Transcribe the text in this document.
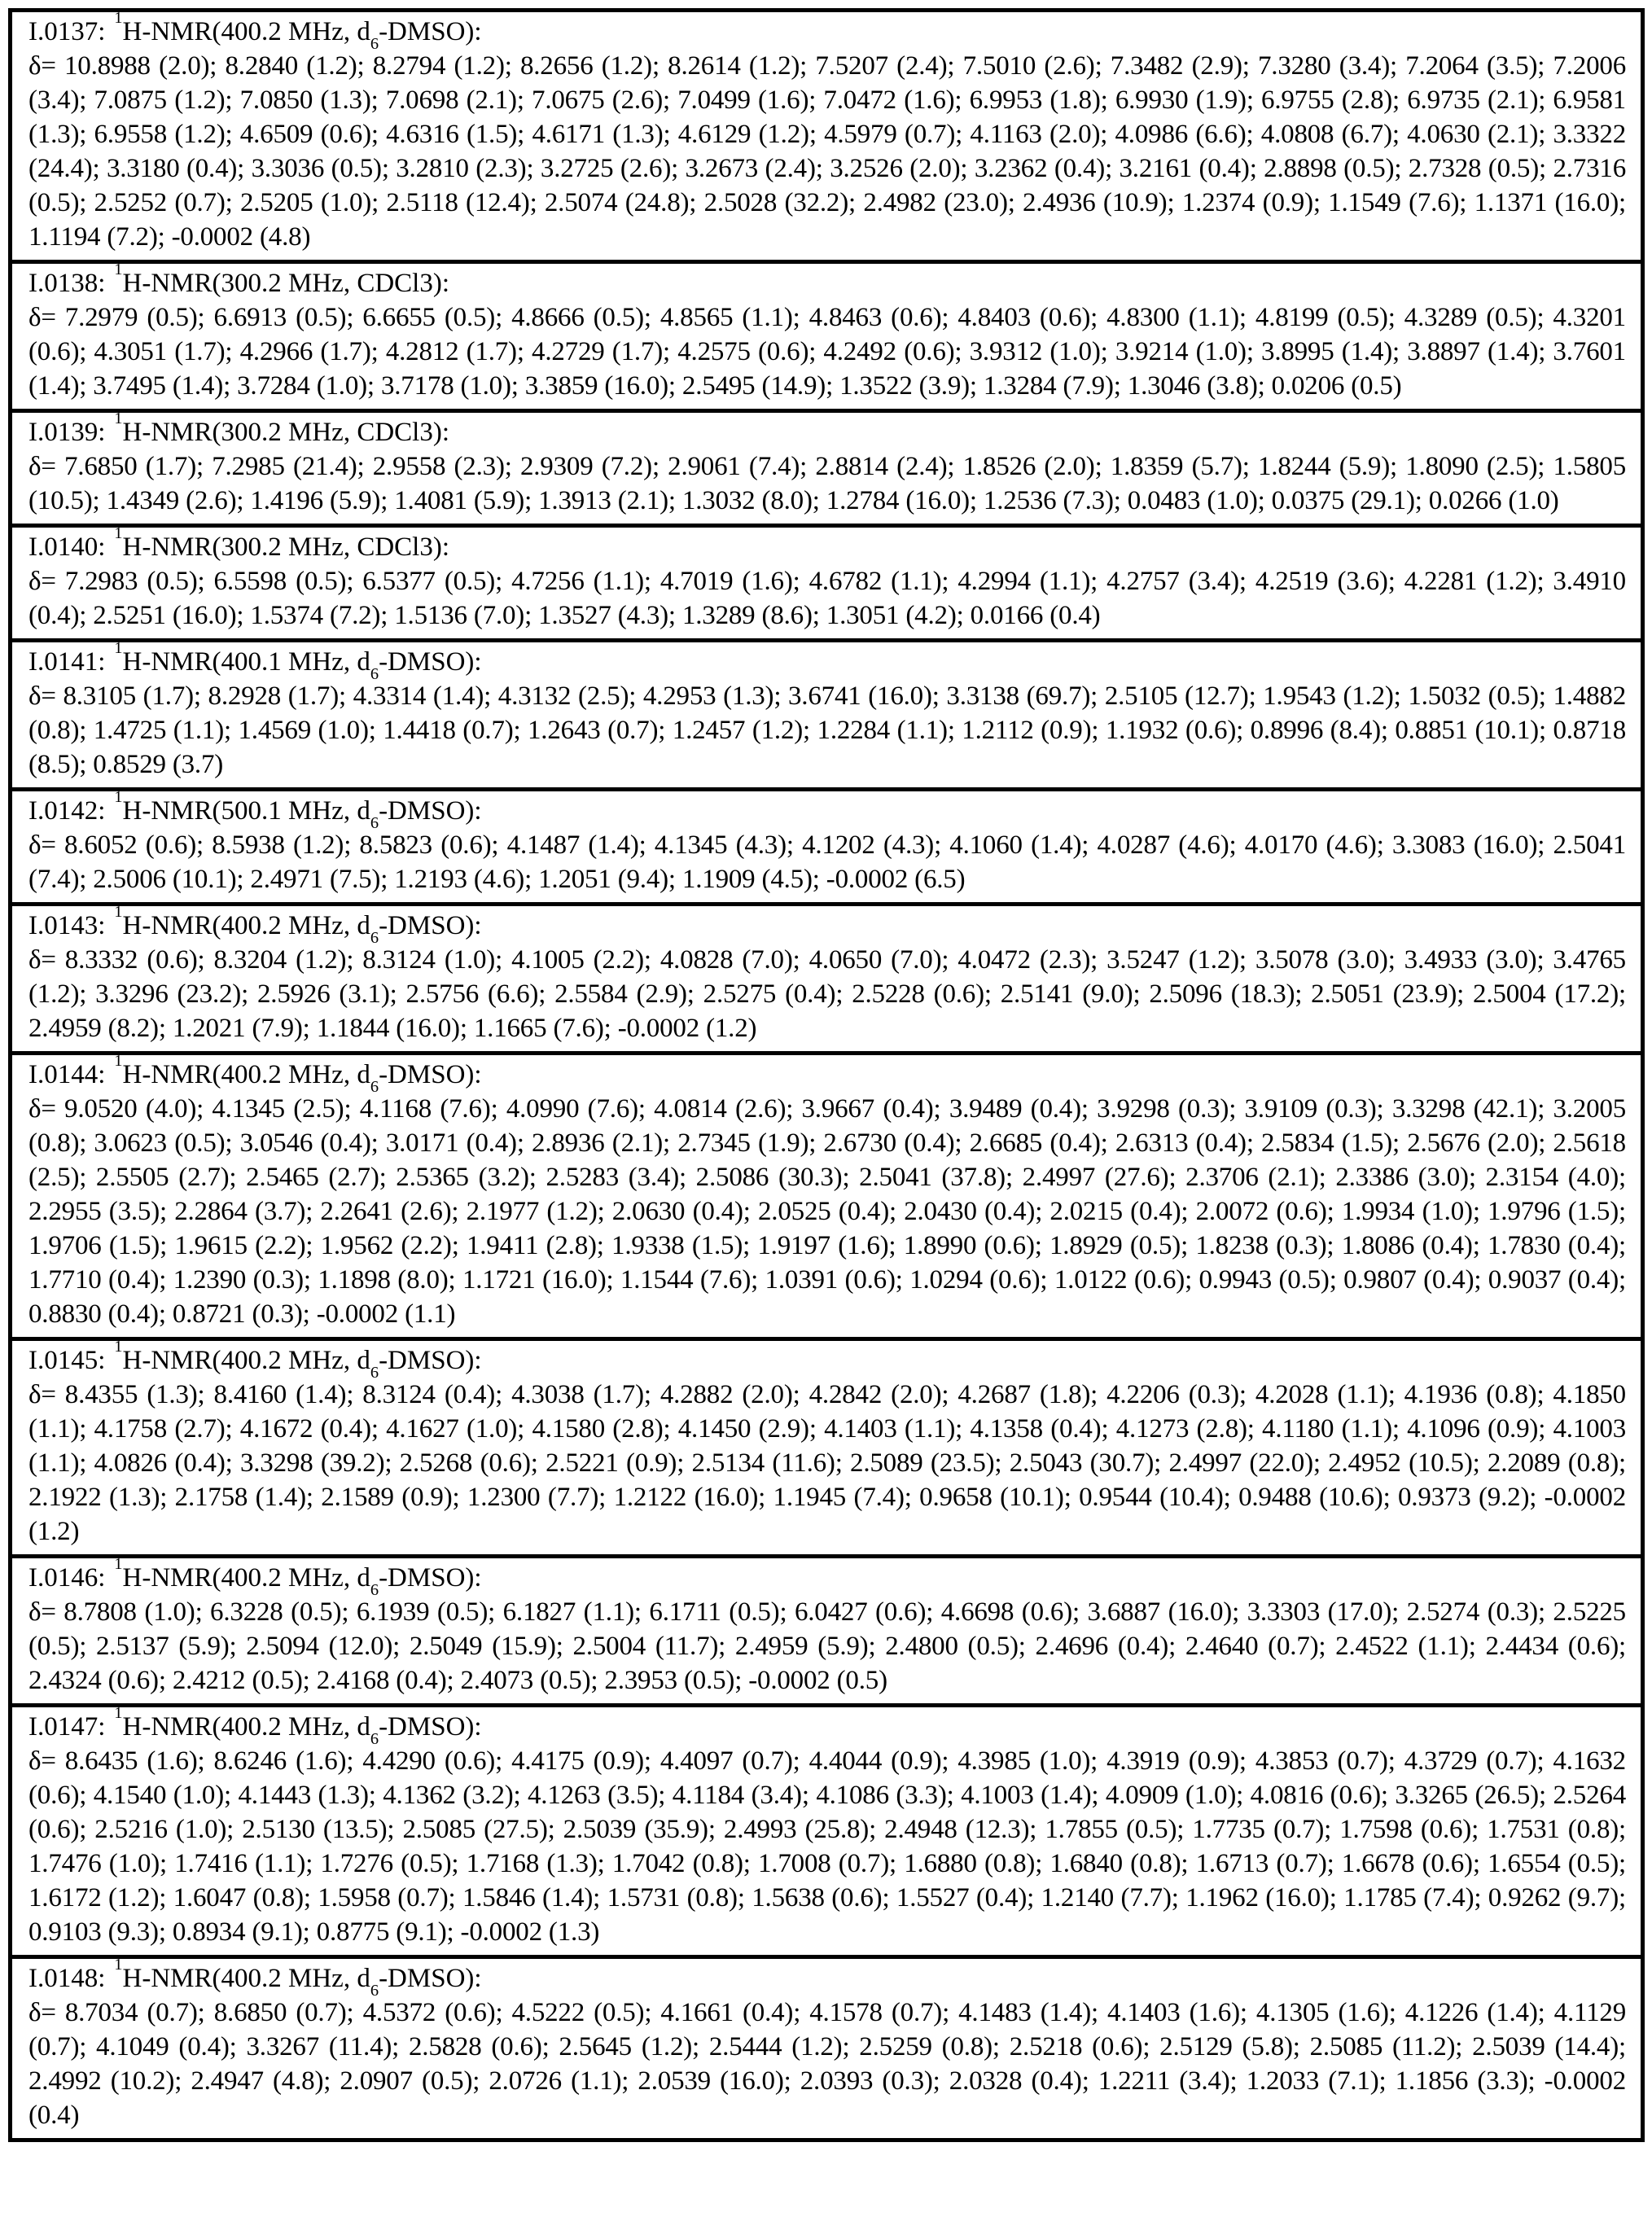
I.0137: $^1$H-NMR(400.2 MHz, $d_6-DMSO$):

δ= 10.8988 (2.0); 8.2840 (1.2); 8.2794 (1.2); 8.2656 (1.2); 8.2614 (1.2); 7.5207 (2.4); 7.5010 (2.6); 7.3482 (2.9); 7.3280 (3.4); 7.2064 (3.5); 7.2006 (3.4); 7.0875 (1.2); 7.0850 (1.3); 7.0698 (2.1); 7.0675 (2.6); 7.0499 (1.6); 7.0472 (1.6); 6.9953 (1.8); 6.9930 (1.9); 6.9755 (2.8); 6.9735 (2.1); 6.9581 (1.3); 6.9558 (1.2); 4.6509 (0.6); 4.6316 (1.5); 4.6171 (1.3); 4.6129 (1.2); 4.5979 (0.7); 4.1163 (2.0); 4.0986 (6.6); 4.0808 (6.7); 4.0630 (2.1); 3.3322 (24.4); 3.3180 (0.4); 3.3036 (0.5); 3.2810 (2.3); 3.2725 (2.6); 3.2673 (2.4); 3.2526 (2.0); 3.2362 (0.4); 3.2161 (0.4); 2.8898 (0.5); 2.7328 (0.5); 2.7316 (0.5); 2.5252 (0.7); 2.5205 (1.0); 2.5118 (12.4); 2.5074 (24.8); 2.5028 (32.2); 2.4982 (23.0); 2.4936 (10.9); 1.2374 (0.9); 1.1549 (7.6); 1.1371 (16.0); 1.1194 (7.2); -0.0002 (4.8)

I.0138: $^1$H-NMR(300.2 MHz, CDCl3):

δ= 7.2979 (0.5); 6.6913 (0.5); 6.6655 (0.5); 4.8666 (0.5); 4.8565 (1.1); 4.8463 (0.6); 4.8403 (0.6); 4.8300 (1.1); 4.8199 (0.5); 4.3289 (0.5); 4.3201 (0.6); 4.3051 (1.7); 4.2966 (1.7); 4.2812 (1.7); 4.2729 (1.7); 4.2575 (0.6); 4.2492 (0.6); 3.9312 (1.0); 3.9214 (1.0); 3.8995 (1.4); 3.8897 (1.4); 3.7601 (1.4); 3.7495 (1.4); 3.7284 (1.0); 3.7178 (1.0); 3.3859 (16.0); 2.5495 (14.9); 1.3522 (3.9); 1.3284 (7.9); 1.3046 (3.8); 0.0206 (0.5)

I.0139: $^1$H-NMR(300.2 MHz, CDCl3):

δ= 7.6850 (1.7); 7.2985 (21.4); 2.9558 (2.3); 2.9309 (7.2); 2.9061 (7.4); 2.8814 (2.4); 1.8526 (2.0); 1.8359 (5.7); 1.8244 (5.9); 1.8090 (2.5); 1.5805 (10.5); 1.4349 (2.6); 1.4196 (5.9); 1.4081 (5.9); 1.3913 (2.1); 1.3032 (8.0); 1.2784 (16.0); 1.2536 (7.3); 0.0483 (1.0); 0.0375 (29.1); 0.0266 (1.0)

I.0140: $^1$H-NMR(300.2 MHz, CDCl3):

δ= 7.2983 (0.5); 6.5598 (0.5); 6.5377 (0.5); 4.7256 (1.1); 4.7019 (1.6); 4.6782 (1.1); 4.2994 (1.1); 4.2757 (3.4); 4.2519 (3.6); 4.2281 (1.2); 3.4910 (0.4); 2.5251 (16.0); 1.5374 (7.2); 1.5136 (7.0); 1.3527 (4.3); 1.3289 (8.6); 1.3051 (4.2); 0.0166 (0.4)

I.0141: $^1$H-NMR(400.1 MHz, $d_6-DMSO$):

δ= 8.3105 (1.7); 8.2928 (1.7); 4.3314 (1.4); 4.3132 (2.5); 4.2953 (1.3); 3.6741 (16.0); 3.3138 (69.7); 2.5105 (12.7); 1.9543 (1.2); 1.5032 (0.5); 1.4882 (0.8); 1.4725 (1.1); 1.4569 (1.0); 1.4418 (0.7); 1.2643 (0.7); 1.2457 (1.2); 1.2284 (1.1); 1.2112 (0.9); 1.1932 (0.6); 0.8996 (8.4); 0.8851 (10.1); 0.8718 (8.5); 0.8529 (3.7)

I.0142: $^1$H-NMR(500.1 MHz, $d_6-DMSO$):

δ= 8.6052 (0.6); 8.5938 (1.2); 8.5823 (0.6); 4.1487 (1.4); 4.1345 (4.3); 4.1202 (4.3); 4.1060 (1.4); 4.0287 (4.6); 4.0170 (4.6); 3.3083 (16.0); 2.5041 (7.4); 2.5006 (10.1); 2.4971 (7.5); 1.2193 (4.6); 1.2051 (9.4); 1.1909 (4.5); -0.0002 (6.5)

I.0143: $^1$H-NMR(400.2 MHz, $d_6-DMSO$):

δ= 8.3332 (0.6); 8.3204 (1.2); 8.3124 (1.0); 4.1005 (2.2); 4.0828 (7.0); 4.0650 (7.0); 4.0472 (2.3); 3.5247 (1.2); 3.5078 (3.0); 3.4933 (3.0); 3.4765 (1.2); 3.3296 (23.2); 2.5926 (3.1); 2.5756 (6.6); 2.5584 (2.9); 2.5275 (0.4); 2.5228 (0.6); 2.5141 (9.0); 2.5096 (18.3); 2.5051 (23.9); 2.5004 (17.2); 2.4959 (8.2); 1.2021 (7.9); 1.1844 (16.0); 1.1665 (7.6); -0.0002 (1.2)

I.0144: $^1$H-NMR(400.2 MHz, $d_6-DMSO$):

δ= 9.0520 (4.0); 4.1345 (2.5); 4.1168 (7.6); 4.0990 (7.6); 4.0814 (2.6); 3.9667 (0.4); 3.9489 (0.4); 3.9298 (0.3); 3.9109 (0.3); 3.3298 (42.1); 3.2005 (0.8); 3.0623 (0.5); 3.0546 (0.4); 3.0171 (0.4); 2.8936 (2.1); 2.7345 (1.9); 2.6730 (0.4); 2.6685 (0.4); 2.6313 (0.4); 2.5834 (1.5); 2.5676 (2.0); 2.5618 (2.5); 2.5505 (2.7); 2.5465 (2.7); 2.5365 (3.2); 2.5283 (3.4); 2.5086 (30.3); 2.5041 (37.8); 2.4997 (27.6); 2.3706 (2.1); 2.3386 (3.0); 2.3154 (4.0); 2.2955 (3.5); 2.2864 (3.7); 2.2641 (2.6); 2.1977 (1.2); 2.0630 (0.4); 2.0525 (0.4); 2.0430 (0.4); 2.0215 (0.4); 2.0072 (0.6); 1.9934 (1.0); 1.9796 (1.5); 1.9706 (1.5); 1.9615 (2.2); 1.9562 (2.2); 1.9411 (2.8); 1.9338 (1.5); 1.9197 (1.6); 1.8990 (0.6); 1.8929 (0.5); 1.8238 (0.3); 1.8086 (0.4); 1.7830 (0.4); 1.7710 (0.4); 1.2390 (0.3); 1.1898 (8.0); 1.1721 (16.0); 1.1544 (7.6); 1.0391 (0.6); 1.0294 (0.6); 1.0122 (0.6); 0.9943 (0.5); 0.9807 (0.4); 0.9037 (0.4); 0.8830 (0.4); 0.8721 (0.3); -0.0002 (1.1)

I.0145: $^1$H-NMR(400.2 MHz, $d_6-DMSO$):

δ= 8.4355 (1.3); 8.4160 (1.4); 8.3124 (0.4); 4.3038 (1.7); 4.2882 (2.0); 4.2842 (2.0); 4.2687 (1.8); 4.2206 (0.3); 4.2028 (1.1); 4.1936 (0.8); 4.1850 (1.1); 4.1758 (2.7); 4.1672 (0.4); 4.1627 (1.0); 4.1580 (2.8); 4.1450 (2.9); 4.1403 (1.1); 4.1358 (0.4); 4.1273 (2.8); 4.1180 (1.1); 4.1096 (0.9); 4.1003 (1.1); 4.0826 (0.4); 3.3298 (39.2); 2.5268 (0.6); 2.5221 (0.9); 2.5134 (11.6); 2.5089 (23.5); 2.5043 (30.7); 2.4997 (22.0); 2.4952 (10.5); 2.2089 (0.8); 2.1922 (1.3); 2.1758 (1.4); 2.1589 (0.9); 1.2300 (7.7); 1.2122 (16.0); 1.1945 (7.4); 0.9658 (10.1); 0.9544 (10.4); 0.9488 (10.6); 0.9373 (9.2); -0.0002 (1.2)

I.0146: $^1$H-NMR(400.2 MHz, $d_6-DMSO$):

δ= 8.7808 (1.0); 6.3228 (0.5); 6.1939 (0.5); 6.1827 (1.1); 6.1711 (0.5); 6.0427 (0.6); 4.6698 (0.6); 3.6887 (16.0); 3.3303 (17.0); 2.5274 (0.3); 2.5225 (0.5); 2.5137 (5.9); 2.5094 (12.0); 2.5049 (15.9); 2.5004 (11.7); 2.4959 (5.9); 2.4800 (0.5); 2.4696 (0.4); 2.4640 (0.7); 2.4522 (1.1); 2.4434 (0.6); 2.4324 (0.6); 2.4212 (0.5); 2.4168 (0.4); 2.4073 (0.5); 2.3953 (0.5); -0.0002 (0.5)

I.0147: $^1$H-NMR(400.2 MHz, $d_6-DMSO$):

δ= 8.6435 (1.6); 8.6246 (1.6); 4.4290 (0.6); 4.4175 (0.9); 4.4097 (0.7); 4.4044 (0.9); 4.3985 (1.0); 4.3919 (0.9); 4.3853 (0.7); 4.3729 (0.7); 4.1632 (0.6); 4.1540 (1.0); 4.1443 (1.3); 4.1362 (3.2); 4.1263 (3.5); 4.1184 (3.4); 4.1086 (3.3); 4.1003 (1.4); 4.0909 (1.0); 4.0816 (0.6); 3.3265 (26.5); 2.5264 (0.6); 2.5216 (1.0); 2.5130 (13.5); 2.5085 (27.5); 2.5039 (35.9); 2.4993 (25.8); 2.4948 (12.3); 1.7855 (0.5); 1.7735 (0.7); 1.7598 (0.6); 1.7531 (0.8); 1.7476 (1.0); 1.7416 (1.1); 1.7276 (0.5); 1.7168 (1.3); 1.7042 (0.8); 1.7008 (0.7); 1.6880 (0.8); 1.6840 (0.8); 1.6713 (0.7); 1.6678 (0.6); 1.6554 (0.5); 1.6172 (1.2); 1.6047 (0.8); 1.5958 (0.7); 1.5846 (1.4); 1.5731 (0.8); 1.5638 (0.6); 1.5527 (0.4); 1.2140 (7.7); 1.1962 (16.0); 1.1785 (7.4); 0.9262 (9.7); 0.9103 (9.3); 0.8934 (9.1); 0.8775 (9.1); -0.0002 (1.3)

I.0148: $^1$H-NMR(400.2 MHz, $d_6-DMSO$):

δ= 8.7034 (0.7); 8.6850 (0.7); 4.5372 (0.6); 4.5222 (0.5); 4.1661 (0.4); 4.1578 (0.7); 4.1483 (1.4); 4.1403 (1.6); 4.1305 (1.6); 4.1226 (1.4); 4.1129 (0.7); 4.1049 (0.4); 3.3267 (11.4); 2.5828 (0.6); 2.5645 (1.2); 2.5444 (1.2); 2.5259 (0.8); 2.5218 (0.6); 2.5129 (5.8); 2.5085 (11.2); 2.5039 (14.4); 2.4992 (10.2); 2.4947 (4.8); 2.0907 (0.5); 2.0726 (1.1); 2.0539 (16.0); 2.0393 (0.3); 2.0328 (0.4); 1.2211 (3.4); 1.2033 (7.1); 1.1856 (3.3); -0.0002 (0.4)
